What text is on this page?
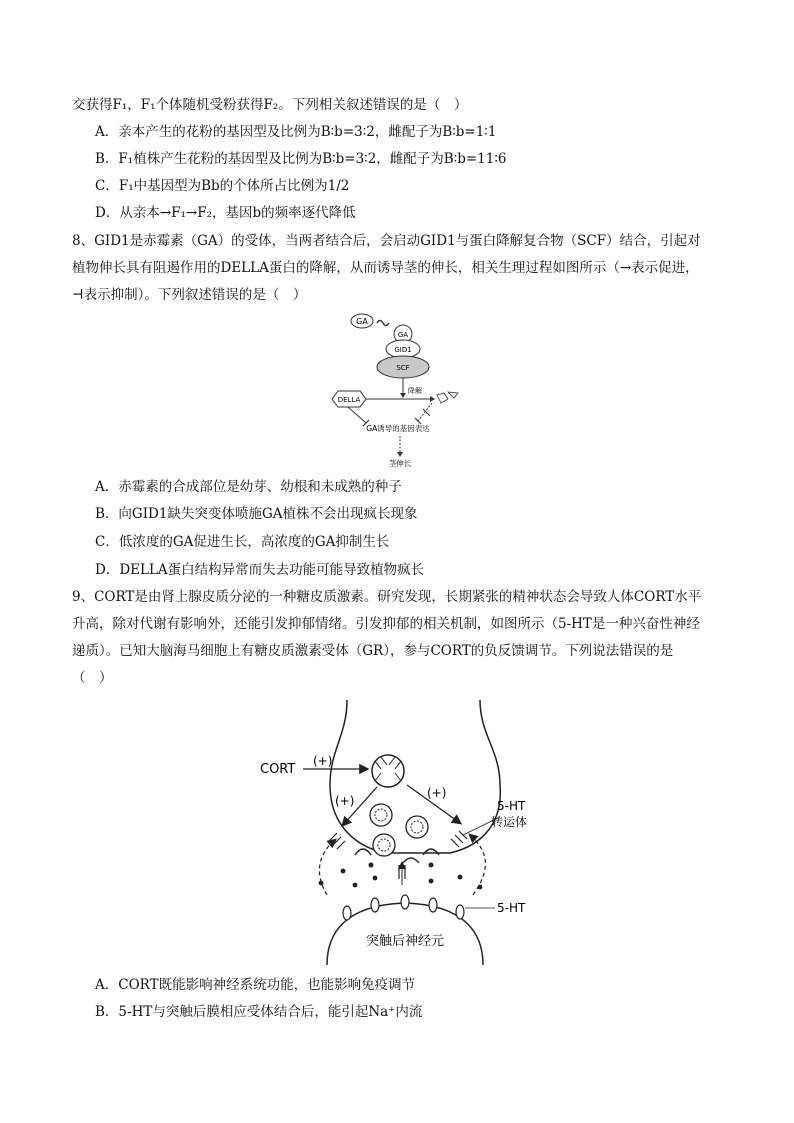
交获得F₁，F₁个体随机受粉获得F₂。下列相关叙述错误的是（　）
A．亲本产生的花粉的基因型及比例为B∶b=3∶2，雌配子为B∶b=1∶1
B．F₁植株产生花粉的基因型及比例为B∶b=3∶2，雌配子为B∶b=11∶6
C．F₁中基因型为Bb的个体所占比例为1/2
D．从亲本→F₁→F₂，基因b的频率逐代降低
8、GID1是赤霉素（GA）的受体，当两者结合后，会启动GID1与蛋白降解复合物（SCF）结合，引起对
植物伸长具有阻遏作用的DELLA蛋白的降解，从而诱导茎的伸长，相关生理过程如图所示（→表示促进，
⊣表示抑制）。下列叙述错误的是（　）
GA
GA
GID1
SCF
降解
DELLA
GA诱导的基因表达
茎伸长
A．赤霉素的合成部位是幼芽、幼根和未成熟的种子
B．向GID1缺失突变体喷施GA植株不会出现疯长现象
C．低浓度的GA促进生长，高浓度的GA抑制生长
D．DELLA蛋白结构异常而失去功能可能导致植物疯长
9、CORT是由肾上腺皮质分泌的一种糖皮质激素。研究发现，长期紧张的精神状态会导致人体CORT水平
升高，除对代谢有影响外，还能引发抑郁情绪。引发抑郁的相关机制，如图所示（5-HT是一种兴奋性神经
递质）。已知大脑海马细胞上有糖皮质激素受体（GR），参与CORT的负反馈调节。下列说法错误的是
（　）
CORT
(+)
(+)
(+)
5-HT
转运体
5-HT
突触后神经元
A．CORT既能影响神经系统功能，也能影响免疫调节
B．5-HT与突触后膜相应受体结合后，能引起Na⁺内流
